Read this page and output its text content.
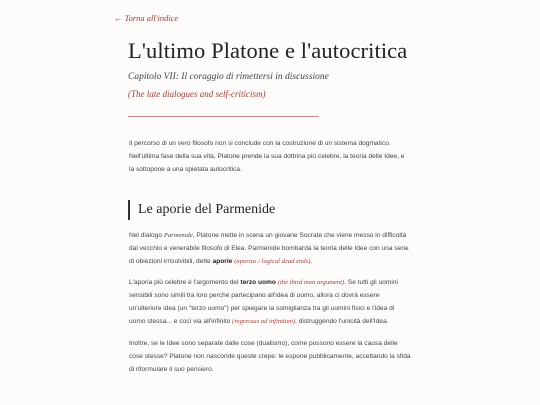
← Torna all'indice
L'ultimo Platone e l'autocritica
Capitolo VII: Il coraggio di rimettersi in discussione
(The late dialogues and self-criticism)

Il percorso di un vero filosofo non si conclude con la costruzione di un sistema dogmatico. Nell'ultima fase della sua vita, Platone prende la sua dottrina più celebre, la teoria delle Idee, e la sottopone a una spietata autocritica.

Le aporie del Parmenide

Nel dialogo Parmenide, Platone mette in scena un giovane Socrate che viene messo in difficoltà dal vecchio e venerabile filosofo di Elea. Parmenide bombarda la teoria delle Idee con una serie di obiezioni irrisolvibili, dette aporie (aporias / logical dead ends).

L'aporia più celebre è l'argomento del terzo uomo (the third man argument). Se tutti gli uomini sensibili sono simili tra loro perché partecipano all'idea di uomo, allora ci dovrà essere un'ulteriore idea (un "terzo uomo") per spiegare la somiglianza tra gli uomini fisici e l'idea di uomo stessa... e così via all'infinito (regressus ad infinitum), distruggendo l'unicità dell'Idea.

Inoltre, se le Idee sono separate dalle cose (dualismo), come possono essere la causa delle cose stesse? Platone non nasconde queste crepe: le espone pubblicamente, accettando la sfida di riformulare il suo pensiero.
